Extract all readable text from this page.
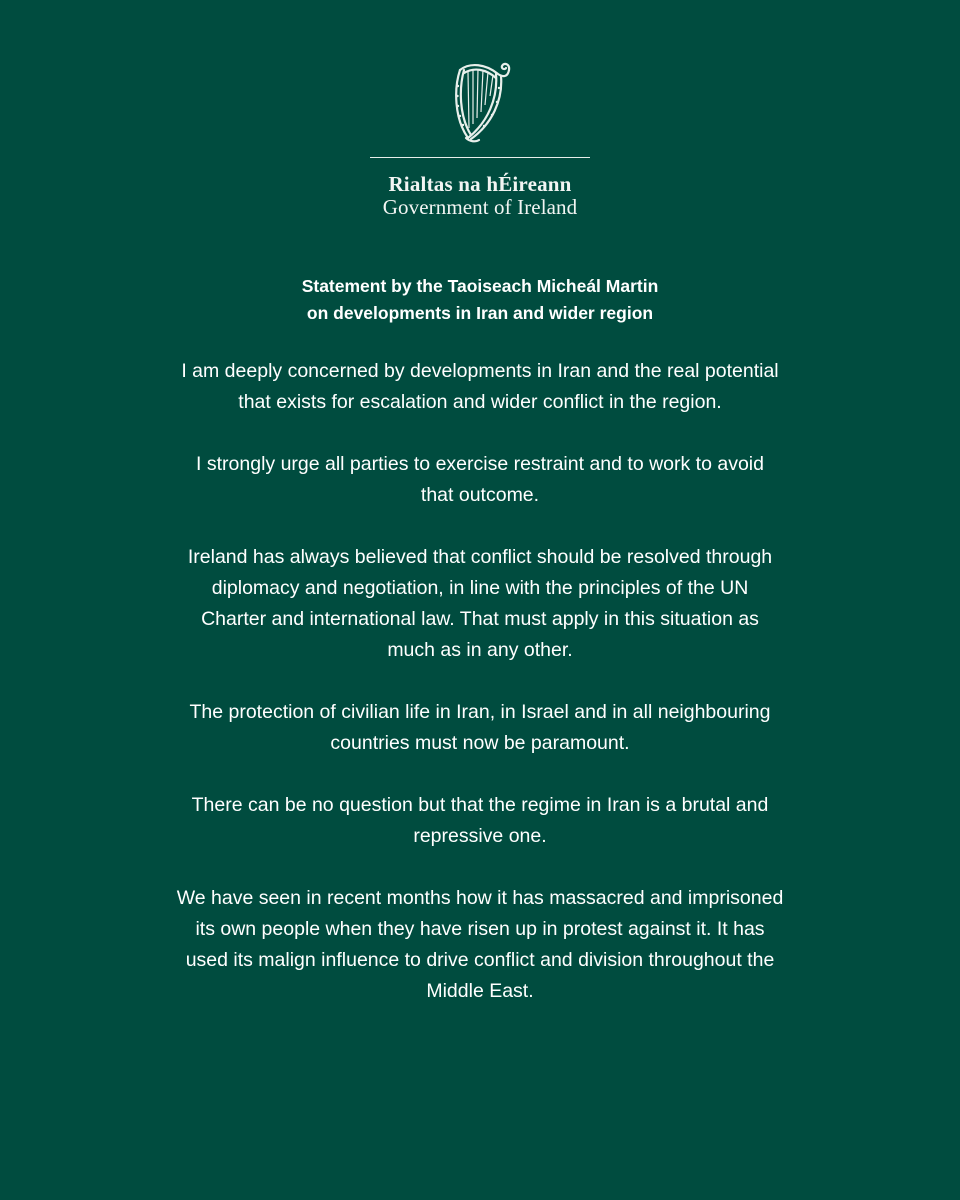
Rialtas na hÉireann
Government of Ireland
Statement by the Taoiseach Micheál Martin
on developments in Iran and wider region
I am deeply concerned by developments in Iran and the real potential
that exists for escalation and wider conflict in the region.
I strongly urge all parties to exercise restraint and to work to avoid
that outcome.
Ireland has always believed that conflict should be resolved through
diplomacy and negotiation, in line with the principles of the UN
Charter and international law. That must apply in this situation as
much as in any other.
The protection of civilian life in Iran, in Israel and in all neighbouring
countries must now be paramount.
There can be no question but that the regime in Iran is a brutal and
repressive one.
We have seen in recent months how it has massacred and imprisoned
its own people when they have risen up in protest against it. It has
used its malign influence to drive conflict and division throughout the
Middle East.
